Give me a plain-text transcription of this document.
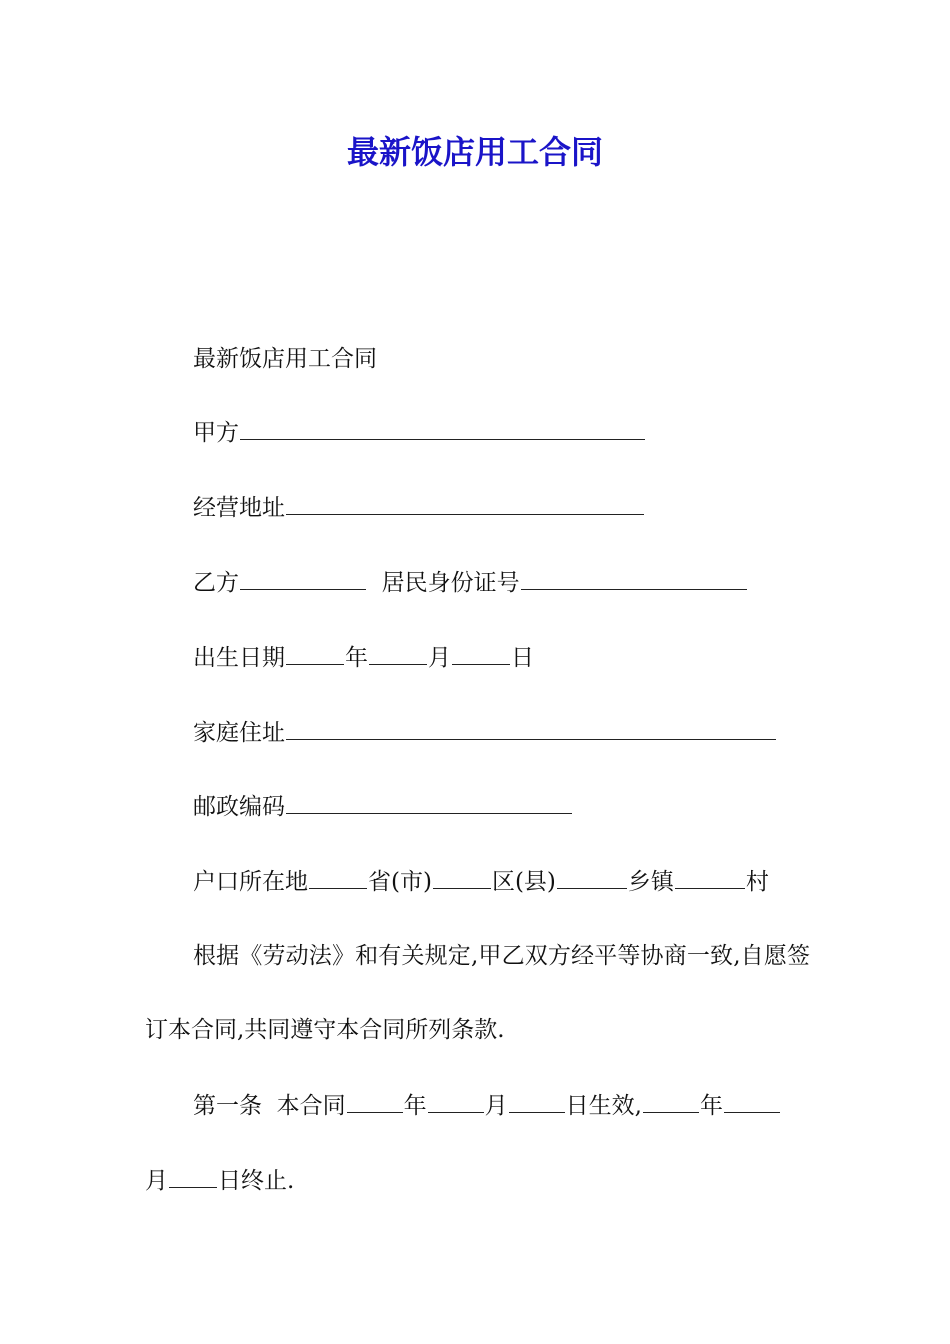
最新饭店用工合同

最新饭店用工合同

甲方

经营地址

乙方	居民身份证号

出生日期	年	月	日

家庭住址

邮政编码

户口所在地	省(市)	区(县)	乡镇	村

根据《劳动法》和有关规定,甲乙双方经平等协商一致,自愿签订本合同,共同遵守本合同所列条款.

第一条  本合同	年	月	日生效,	年

月 日终止.
